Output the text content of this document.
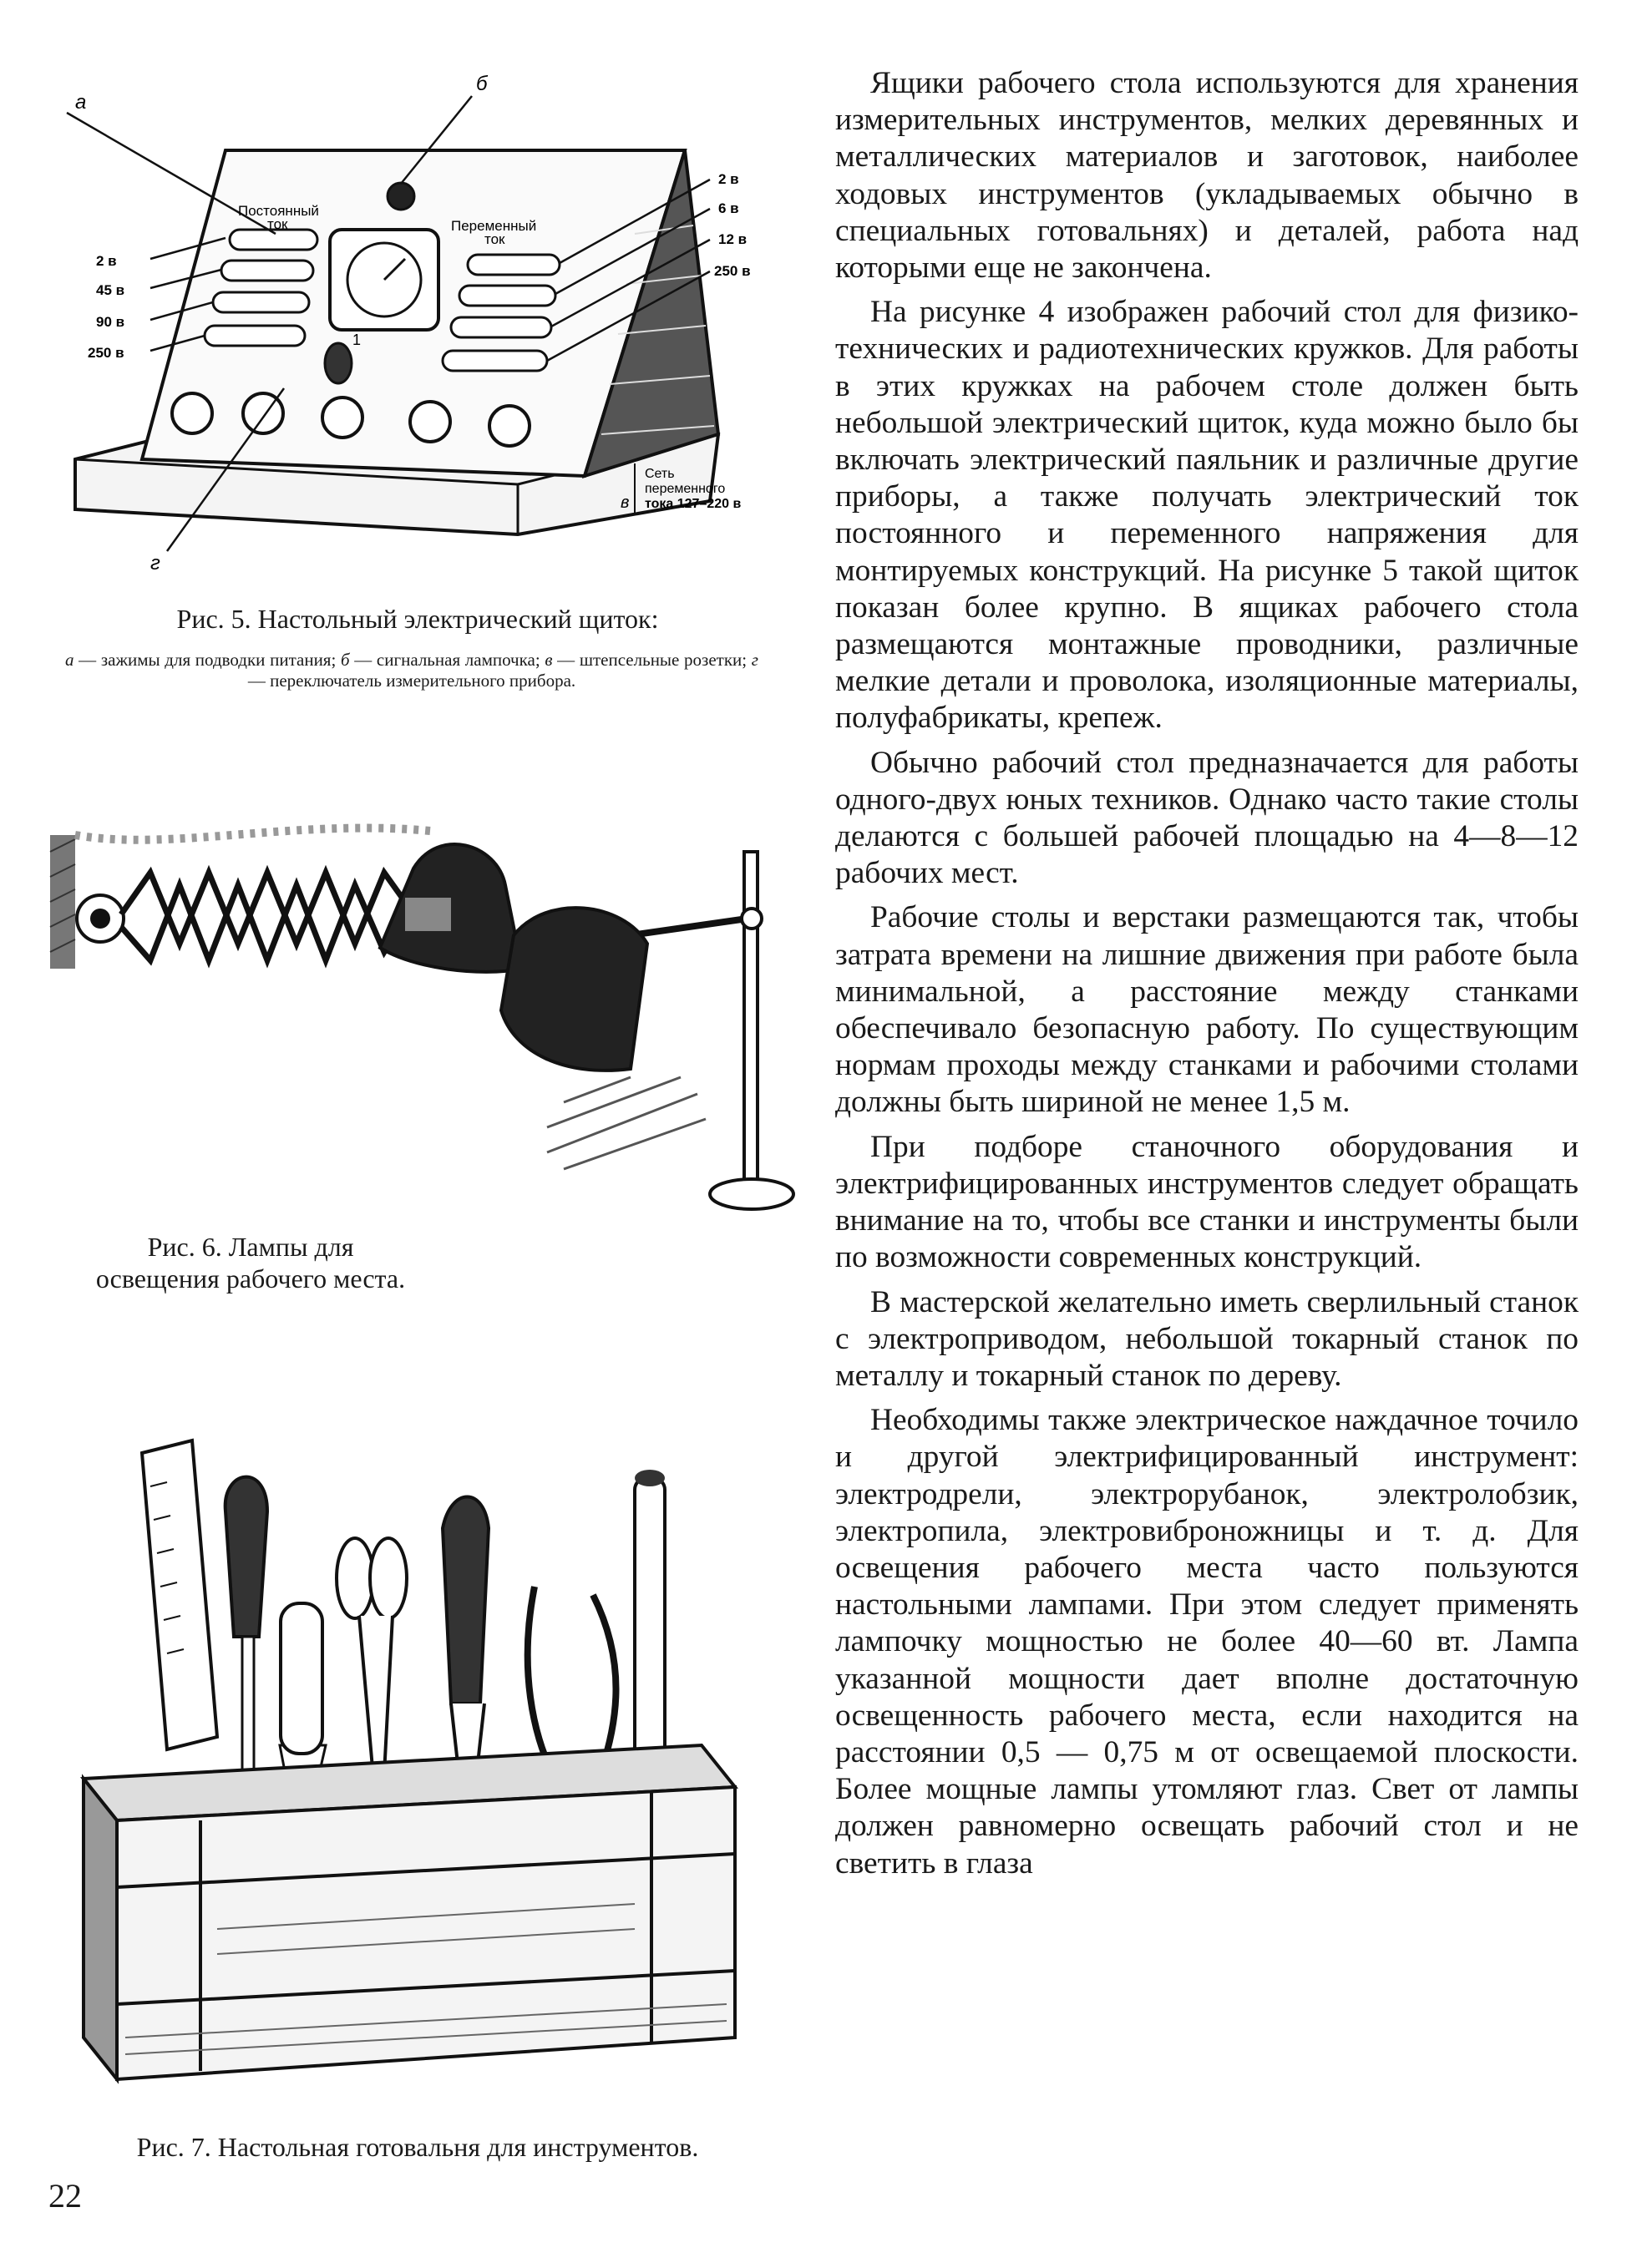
а
б
в
г
Постоянный
ток	Переменный
ток
2 в
45 в
90 в
250 в
2 в
6 в
12 в
250 в
1
Сеть
переменного
тока 127–220 в
Рис. 5. Настольный электрический щиток:
а — зажимы для подводки питания; б — сигнальная лампочка; в — штепсельные розетки; г — переключатель измерительного прибора.
Рис. 6. Лампы для
освещения рабочего места.
Рис. 7. Настольная готовальня для инструментов.

Ящики рабочего стола используются для хранения измерительных инструментов, мелких деревянных и металлических материалов и заготовок, наиболее ходовых инструментов (укладываемых обычно в специальных готовальнях) и деталей, работа над которыми еще не закончена.

На рисунке 4 изображен рабочий стол для физико-технических и радиотехнических кружков. Для работы в этих кружках на рабочем столе должен быть небольшой электрический щиток, куда можно было бы включать электрический паяльник и различные другие приборы, а также получать электрический ток постоянного и переменного напряжения для монтируемых конструкций. На рисунке 5 такой щиток показан более крупно. В ящиках рабочего стола размещаются монтажные проводники, различные мелкие детали и проволока, изоляционные материалы, полуфабрикаты, крепеж.

Обычно рабочий стол предназначается для работы одного-двух юных техников. Однако часто такие столы делаются с большей рабочей площадью на 4—8—12 рабочих мест.

Рабочие столы и верстаки размещаются так, чтобы затрата времени на лишние движения при работе была минимальной, а расстояние между станками обеспечивало безопасную работу. По существующим нормам проходы между станками и рабочими столами должны быть шириной не менее 1,5 м.

При подборе станочного оборудования и электрифицированных инструментов следует обращать внимание на то, чтобы все станки и инструменты были по возможности современных конструкций.

В мастерской желательно иметь сверлильный станок с электроприводом, небольшой токарный станок по металлу и токарный станок по дереву.

Необходимы также электрическое наждачное точило и другой электрифицированный инструмент: электродрели, электрорубанок, электролобзик, электропила, электровиброножницы и т. д. Для освещения рабочего места часто пользуются настольными лампами. При этом следует применять лампочку мощностью не более 40—60 вт. Лампа указанной мощности дает вполне достаточную освещенность рабочего места, если находится на расстоянии 0,5 — 0,75 м от освещаемой плоскости. Более мощные лампы утомляют глаз. Свет от лампы должен равномерно освещать рабочий стол и не светить в глаза

22
